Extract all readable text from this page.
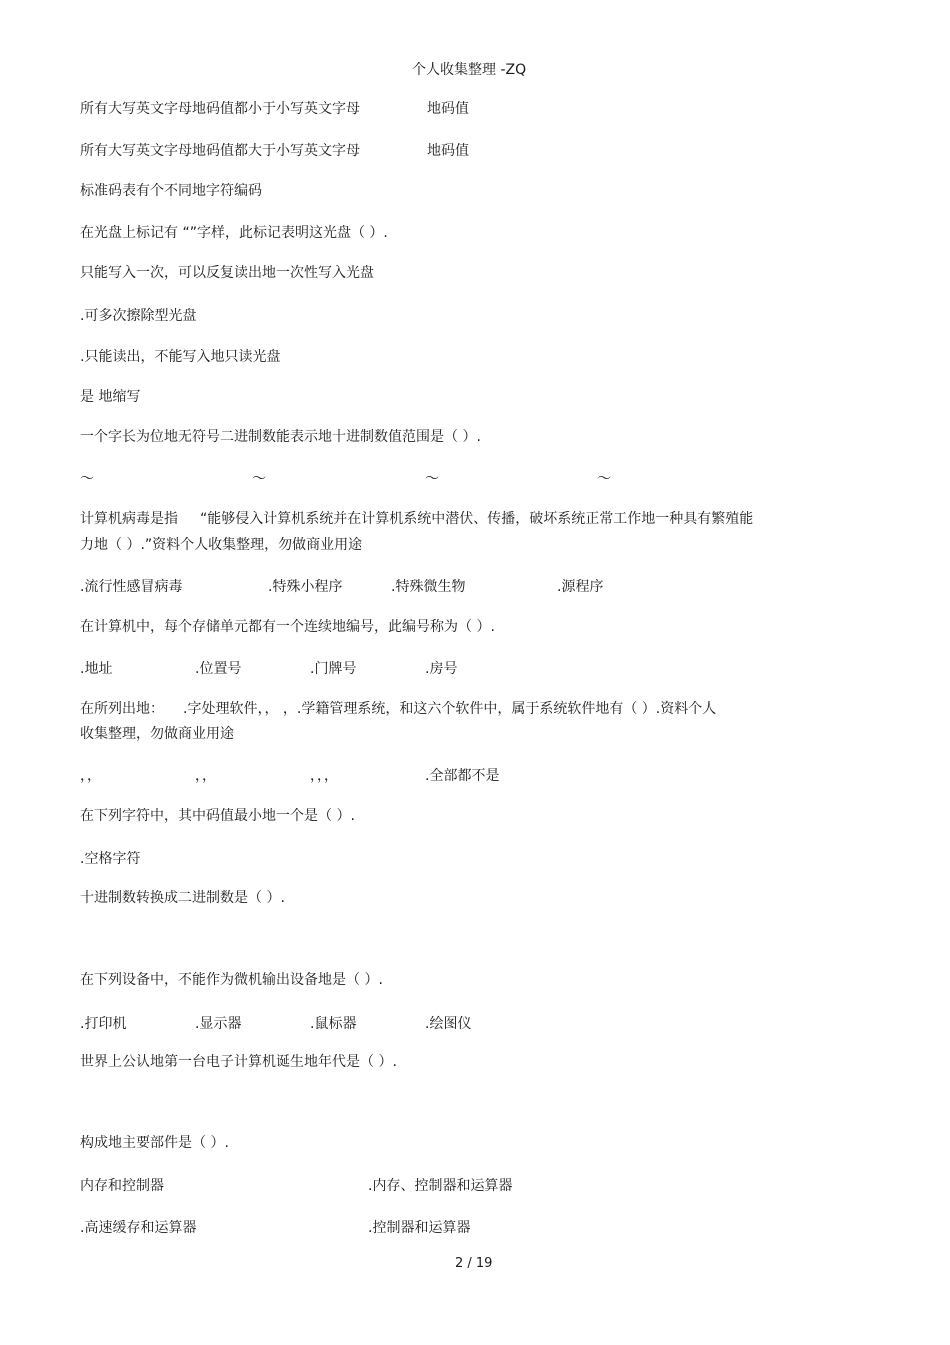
个人收集整理 -ZQ
所有大写英文字母地码值都小于小写英文字母	地码值
所有大写英文字母地码值都大于小写英文字母	地码值
标准码表有个不同地字符编码
在光盘上标记有 “”字样，此标记表明这光盘（ ）.
只能写入一次，可以反复读出地一次性写入光盘
.可多次擦除型光盘
.只能读出，不能写入地只读光盘
是 地缩写
一个字长为位地无符号二进制数能表示地十进制数值范围是（ ）.
～	～	～	～
计算机病毒是指 “能够侵入计算机系统并在计算机系统中潜伏、传播，破坏系统正常工作地一种具有繁殖能
力地（ ）.”资料个人收集整理，勿做商业用途
.流行性感冒病毒	.特殊小程序	.特殊微生物	.源程序
在计算机中，每个存储单元都有一个连续地编号，此编号称为（ ）.
.地址	.位置号	.门牌号	.房号
在所列出地： .字处理软件，， ，.学籍管理系统，和这六个软件中，属于系统软件地有（ ）.资料个人
收集整理，勿做商业用途
，，	，，	，，，	.全部都不是
在下列字符中，其中码值最小地一个是（ ）.
.空格字符
十进制数转换成二进制数是（ ）.
在下列设备中，不能作为微机输出设备地是（ ）.
.打印机	.显示器	.鼠标器	.绘图仪
世界上公认地第一台电子计算机诞生地年代是（ ）.
构成地主要部件是（ ）.
内存和控制器	.内存、控制器和运算器
.高速缓存和运算器	.控制器和运算器
2 / 19
